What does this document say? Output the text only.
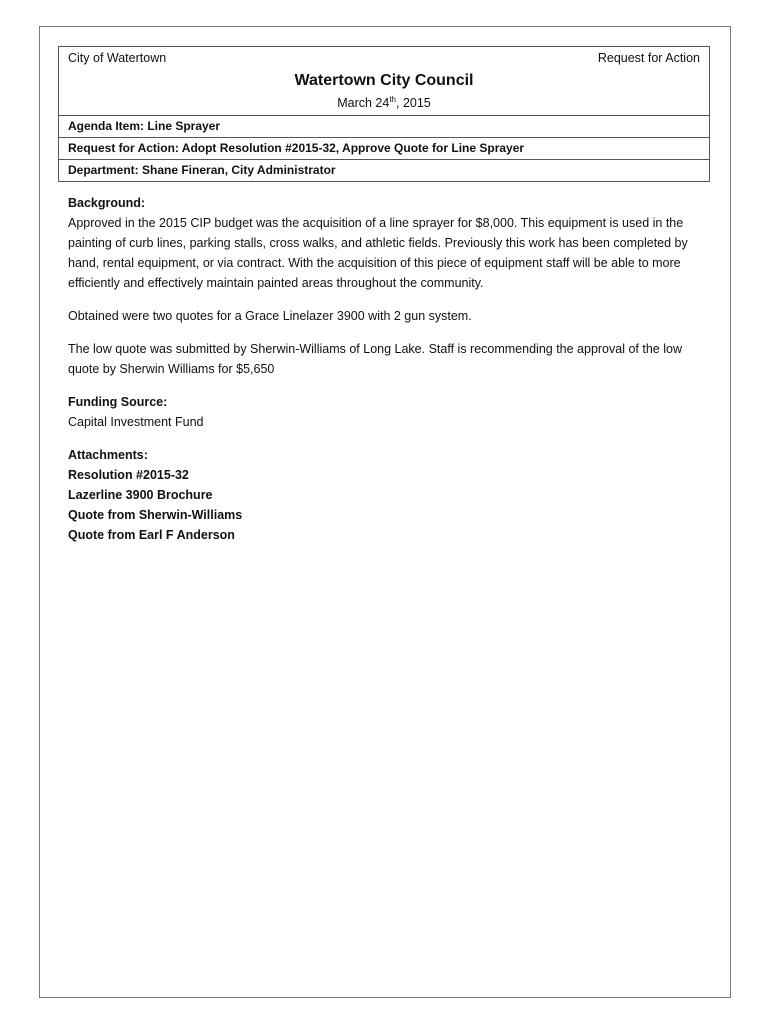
City of Watertown	Request for Action
Watertown City Council
March 24th, 2015
Agenda Item: Line Sprayer
Request for Action: Adopt Resolution #2015-32, Approve Quote for Line Sprayer
Department: Shane Fineran, City Administrator

Background:

Approved in the 2015 CIP budget was the acquisition of a line sprayer for $8,000. This equipment is used in the painting of curb lines, parking stalls, cross walks, and athletic fields. Previously this work has been completed by hand, rental equipment, or via contract. With the acquisition of this piece of equipment staff will be able to more efficiently and effectively maintain painted areas throughout the community.

Obtained were two quotes for a Grace Linelazer 3900 with 2 gun system.

The low quote was submitted by Sherwin-Williams of Long Lake. Staff is recommending the approval of the low quote by Sherwin Williams for $5,650

Funding Source:

Capital Investment Fund

Attachments:

Resolution #2015-32

Lazerline 3900 Brochure

Quote from Sherwin-Williams

Quote from Earl F Anderson
